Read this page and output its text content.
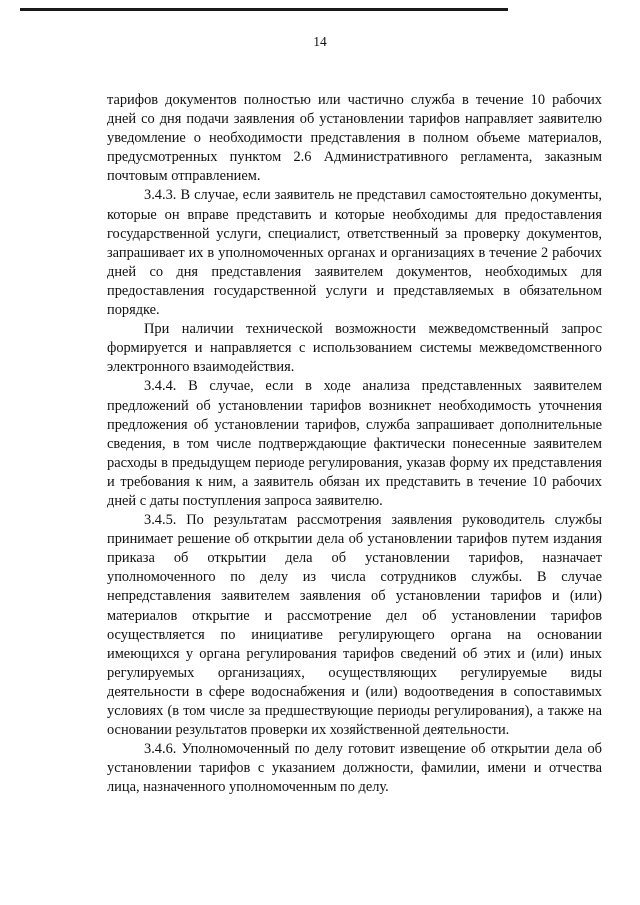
14

тарифов документов полностью или частично служба в течение 10 рабочих дней со дня подачи заявления об установлении тарифов направляет заявителю уведомление о необходимости представления в полном объеме материалов, предусмотренных пунктом 2.6 Административного регламента, заказным почтовым отправлением.

3.4.3. В случае, если заявитель не представил самостоятельно документы, которые он вправе представить и которые необходимы для предоставления государственной услуги, специалист, ответственный за проверку документов, запрашивает их в уполномоченных органах и организациях в течение 2 рабочих дней со дня представления заявителем документов, необходимых для предоставления государственной услуги и представляемых в обязательном порядке.

При наличии технической возможности межведомственный запрос формируется и направляется с использованием системы межведомственного электронного взаимодействия.

3.4.4. В случае, если в ходе анализа представленных заявителем предложений об установлении тарифов возникнет необходимость уточнения предложения об установлении тарифов, служба запрашивает дополнительные сведения, в том числе подтверждающие фактически понесенные заявителем расходы в предыдущем периоде регулирования, указав форму их представления и требования к ним, а заявитель обязан их представить в течение 10 рабочих дней с даты поступления запроса заявителю.

3.4.5. По результатам рассмотрения заявления руководитель службы принимает решение об открытии дела об установлении тарифов путем издания приказа об открытии дела об установлении тарифов, назначает уполномоченного по делу из числа сотрудников службы. В случае непредставления заявителем заявления об установлении тарифов и (или) материалов открытие и рассмотрение дел об установлении тарифов осуществляется по инициативе регулирующего органа на основании имеющихся у органа регулирования тарифов сведений об этих и (или) иных регулируемых организациях, осуществляющих регулируемые виды деятельности в сфере водоснабжения и (или) водоотведения в сопоставимых условиях (в том числе за предшествующие периоды регулирования), а также на основании результатов проверки их хозяйственной деятельности.

3.4.6. Уполномоченный по делу готовит извещение об открытии дела об установлении тарифов с указанием должности, фамилии, имени и отчества лица, назначенного уполномоченным по делу.
